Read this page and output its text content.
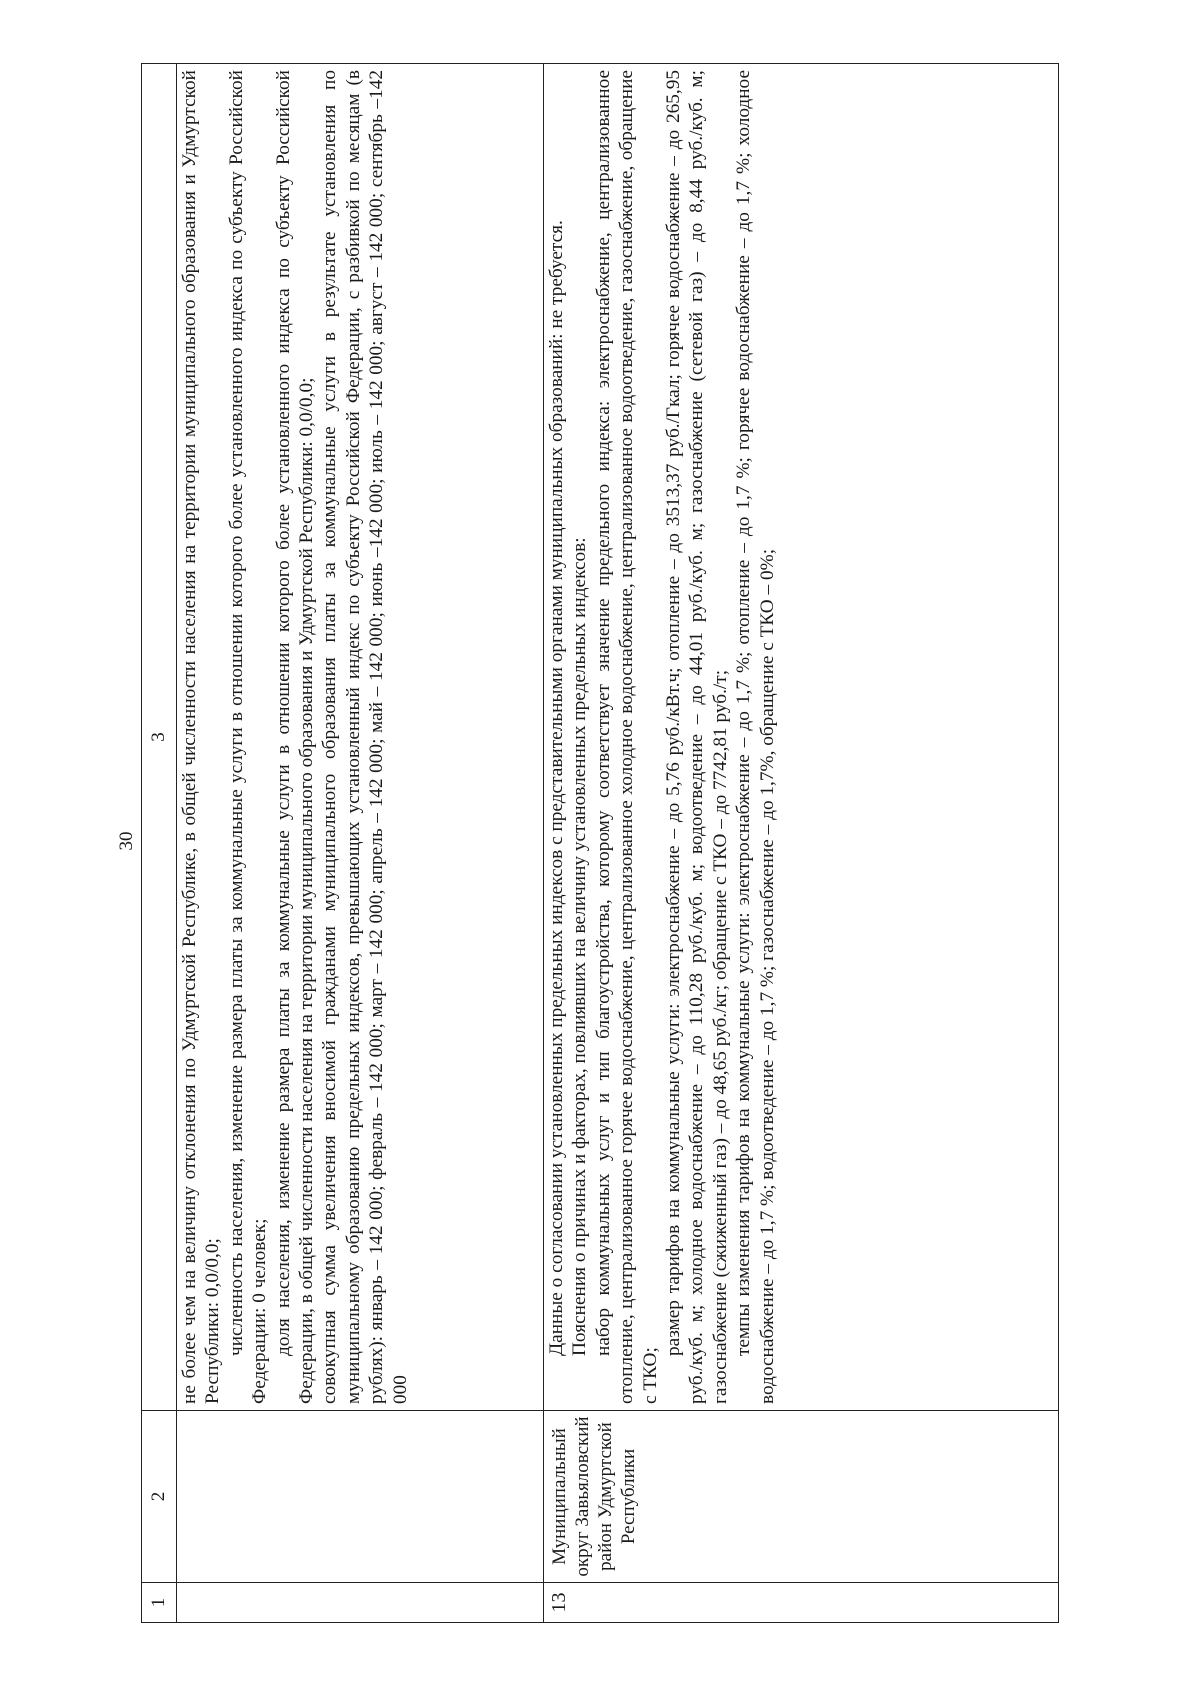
30
1	2	3

		не более чем на величину отклонения по Удмуртской Республике, в общей численности населения на территории муниципального образования и Удмуртской Республики: 0,0/0,0; численность населения, изменение размера платы за коммунальные услуги в отношении которого более установленного индекса по субъекту Российской Федерации: 0 человек; доля населения, изменение размера платы за коммунальные услуги в отношении которого более установленного индекса по субъекту Российской Федерации, в общей численности населения на территории муниципального образования и Удмуртской Республики: 0,0/0,0; совокупная сумма увеличения вносимой гражданами муниципального образования платы за коммунальные услуги в результате установления по муниципальному образованию предельных индексов, превышающих установленный индекс по субъекту Российской Федерации, с разбивкой по месяцам (в рублях): январь – 142 000; февраль – 142 000; март – 142 000; апрель – 142 000; май – 142 000; июнь –142 000; июль – 142 000; август – 142 000; сентябрь –142 000

13	Муниципальный округ Завьяловский район Удмуртской Республики	Данные о согласовании установленных предельных индексов с представительными органами муниципальных образований: не требуется. Пояснения о причинах и факторах, повлиявших на величину установленных предельных индексов: набор коммунальных услуг и тип благоустройства, которому соответствует значение предельного индекса: электроснабжение, централизованное отопление, централизованное горячее водоснабжение, централизованное холодное водоснабжение, централизованное водоотведение, газоснабжение, обращение с ТКО;

размер тарифов на коммунальные услуги: электроснабжение – до 5,76 руб./кВт.ч; отопление – до 3513,37 руб./Гкал; горячее водоснабжение – до 265,95 руб./куб. м; холодное водоснабжение – до 110,28 руб./куб. м; водоотведение – до 44,01 руб./куб. м; газоснабжение (сетевой газ) – до 8,44 руб./куб. м; газоснабжение (сжиженный газ) – до 48,65 руб./кг; обращение с ТКО – до 7742,81 руб./т; темпы изменения тарифов на коммунальные услуги: электроснабжение – до 1,7 %; отопление – до 1,7 %; горячее водоснабжение – до 1,7 %; холодное водоснабжение – до 1,7 %; водоотведение – до 1,7 %; газоснабжение – до 1,7%, обращение с ТКО – 0%;
